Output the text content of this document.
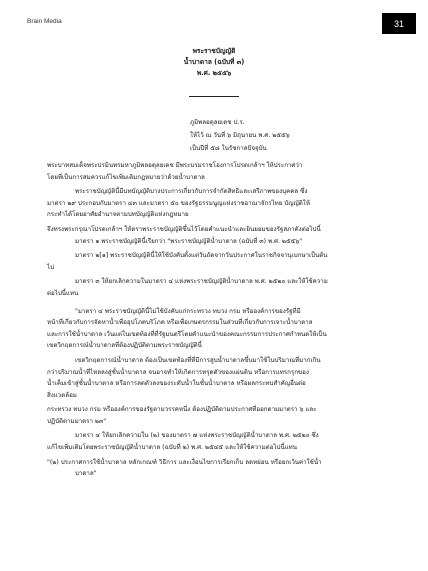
Brain Media	31
พระราชบัญญัติ
น้ำบาดาล (ฉบับที่ ๓)
พ.ศ. ๒๕๕๖
ภูมิพลอดุลยเดช ป.ร.
ให้ไว้ ณ วันที่ ๖ มิถุนายน พ.ศ. ๒๕๕๖
เป็นปีที่ ๕๘ ในรัชกาลปัจจุบัน

พระบาทสมเด็จพระปรมินทรมหาภูมิพลอดุลยเดช มีพระบรมราชโองการโปรดเกล้าฯ ให้ประกาศว่า

โดยที่เป็นการสมควรแก้ไขเพิ่มเติมกฎหมายว่าด้วยน้ำบาดาล

พระราชบัญญัตินี้มีบทบัญญัติบางประการเกี่ยวกับการจำกัดสิทธิและเสรีภาพของบุคคล ซึ่ง

มาตรา ๒๙ ประกอบกับมาตรา ๔๓ และมาตรา ๕๐ ของรัฐธรรมนูญแห่งราชอาณาจักรไทย บัญญัติให้

กระทำได้โดยอาศัยอำนาจตามบทบัญญัติแห่งกฎหมาย

จึงทรงพระกรุณาโปรดเกล้าฯ ให้ตราพระราชบัญญัติขึ้นไว้โดยคำแนะนำและยินยอมของรัฐสภาดังต่อไปนี้

มาตรา ๑ พระราชบัญญัตินี้เรียกว่า "พระราชบัญญัติน้ำบาดาล (ฉบับที่ ๓) พ.ศ. ๒๕๕๖"

มาตรา ๒[๑] พระราชบัญญัตินี้ให้ใช้บังคับตั้งแต่วันถัดจากวันประกาศในราชกิจจานุเบกษาเป็นต้น

ไป

มาตรา ๓ ให้ยกเลิกความในมาตรา ๔ แห่งพระราชบัญญัติน้ำบาดาล พ.ศ. ๒๕๒๐ และให้ใช้ความ

ต่อไปนี้แทน

"มาตรา ๔ พระราชบัญญัตินี้ไม่ใช้บังคับแก่กระทรวง ทบวง กรม หรือองค์การของรัฐที่มี

หน้าที่เกี่ยวกับการจัดหาน้ำเพื่ออุปโภคบริโภค หรือเพื่อเกษตรกรรมในส่วนที่เกี่ยวกับการเจาะน้ำบาดาล

และการใช้น้ำบาดาล เว้นแต่ในเขตท้องที่ที่รัฐมนตรีโดยคำแนะนำของคณะกรรมการประกาศกำหนดให้เป็น

เขตวิกฤตการณ์น้ำบาดาลที่ต้องปฏิบัติตามพระราชบัญญัตินี้

เขตวิกฤตการณ์น้ำบาดาล ต้องเป็นเขตท้องที่ที่มีการสูบน้ำบาดาลขึ้นมาใช้ในปริมาณที่มากเกิน

กว่าปริมาณน้ำที่ไหลลงสู่ชั้นน้ำบาดาล จนอาจทำให้เกิดการทรุดตัวของแผ่นดิน หรือการแทรกรุกของ

น้ำเค็มเข้าสู่ชั้นน้ำบาดาล หรือการลดตัวลงของระดับน้ำในชั้นน้ำบาดาล หรือผลกระทบสำคัญอื่นต่อ

สิ่งแวดล้อม

กระทรวง ทบวง กรม หรือองค์การของรัฐตามวรรคหนึ่ง ต้องปฏิบัติตามประกาศที่ออกตามมาตรา ๖ และ

ปฏิบัติตามมาตรา ๒๓"

มาตรา ๔ ให้ยกเลิกความใน (๒) ของมาตรา ๗ แห่งพระราชบัญญัติน้ำบาดาล พ.ศ. ๒๕๒๐ ซึ่ง

แก้ไขเพิ่มเติมโดยพระราชบัญญัติน้ำบาดาล (ฉบับที่ ๒) พ.ศ. ๒๕๔๕ และให้ใช้ความต่อไปนี้แทน

"(๒) ประกาศการใช้น้ำบาดาล หลักเกณฑ์ วิธีการ และเงื่อนไขการเรียกเก็บ ลดหย่อน หรือยกเว้นค่าใช้น้ำ

บาดาล"
